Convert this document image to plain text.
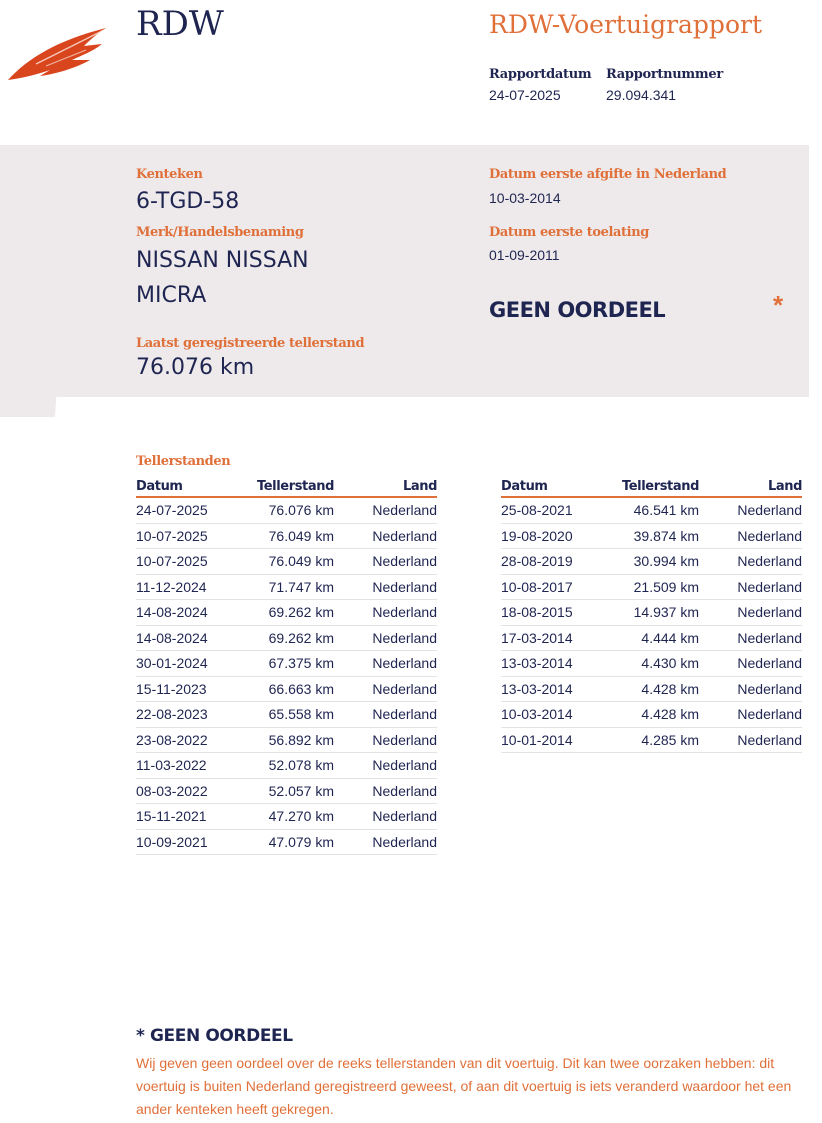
RDW	RDW-Voertuigrapport
Rapportdatum
24-07-2025
Rapportnummer
29.094.341
Kenteken
6-TGD-58
Merk/Handelsbenaming
NISSAN NISSAN
MICRA
Laatst geregistreerde tellerstand
76.076 km
Datum eerste afgifte in Nederland
10-03-2014
Datum eerste toelating
01-09-2011
GEEN OORDEEL	*
Tellerstanden
Datum	Tellerstand	Land
24-07-2025	76.076 km	Nederland
10-07-2025	76.049 km	Nederland
10-07-2025	76.049 km	Nederland
11-12-2024	71.747 km	Nederland
14-08-2024	69.262 km	Nederland
14-08-2024	69.262 km	Nederland
30-01-2024	67.375 km	Nederland
15-11-2023	66.663 km	Nederland
22-08-2023	65.558 km	Nederland
23-08-2022	56.892 km	Nederland
11-03-2022	52.078 km	Nederland
08-03-2022	52.057 km	Nederland
15-11-2021	47.270 km	Nederland
10-09-2021	47.079 km	Nederland
Datum	Tellerstand	Land
25-08-2021	46.541 km	Nederland
19-08-2020	39.874 km	Nederland
28-08-2019	30.994 km	Nederland
10-08-2017	21.509 km	Nederland
18-08-2015	14.937 km	Nederland
17-03-2014	4.444 km	Nederland
13-03-2014	4.430 km	Nederland
13-03-2014	4.428 km	Nederland
10-03-2014	4.428 km	Nederland
10-01-2014	4.285 km	Nederland
* GEEN OORDEEL
Wij geven geen oordeel over de reeks tellerstanden van dit voertuig. Dit kan twee oorzaken hebben: dit voertuig is buiten Nederland geregistreerd geweest, of aan dit voertuig is iets veranderd waardoor het een ander kenteken heeft gekregen.
